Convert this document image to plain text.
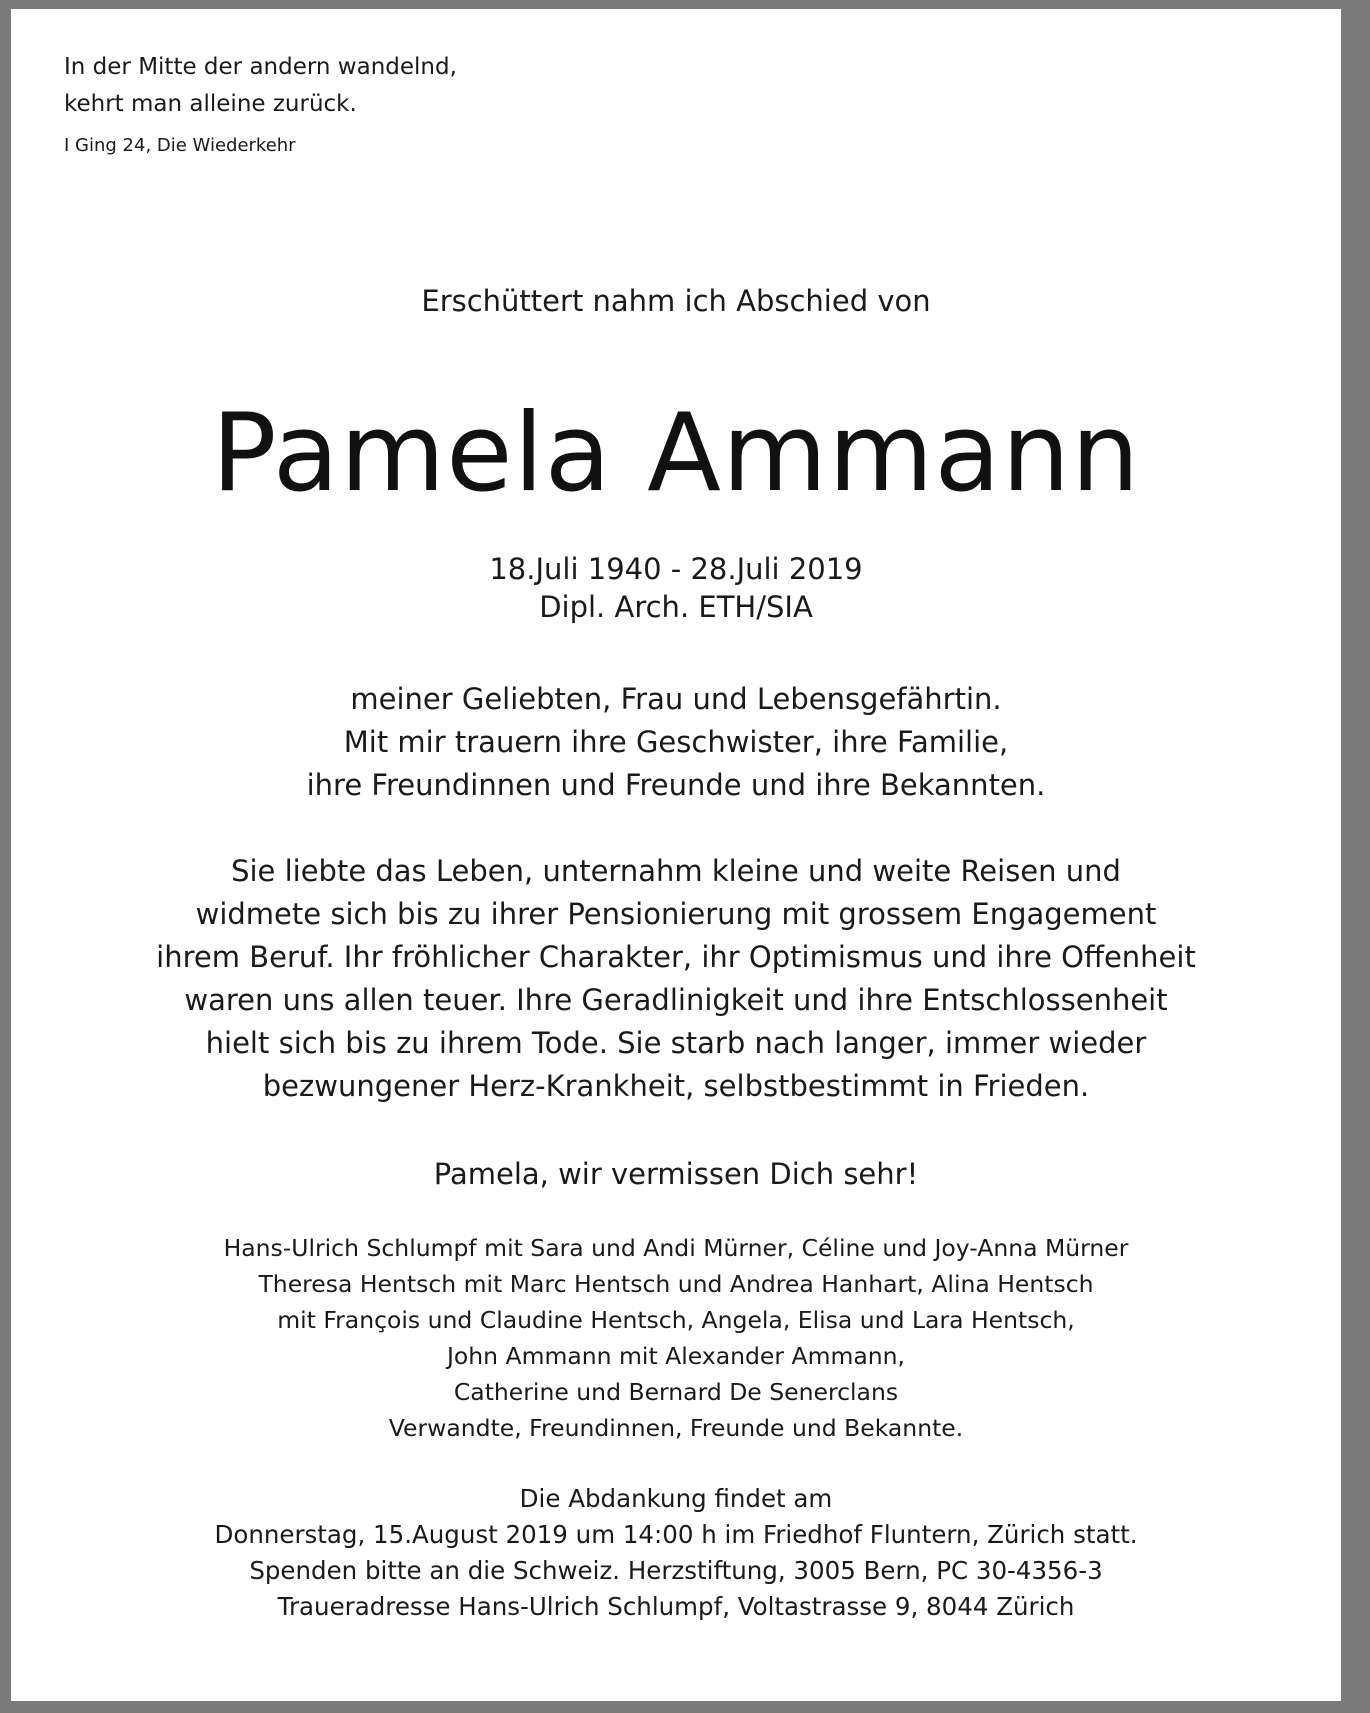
In der Mitte der andern wandelnd,
kehrt man alleine zurück.
I Ging 24, Die Wiederkehr
Erschüttert nahm ich Abschied von
Pamela Ammann
18.Juli 1940 - 28.Juli 2019
Dipl. Arch. ETH/SIA
meiner Geliebten, Frau und Lebensgefährtin.
Mit mir trauern ihre Geschwister, ihre Familie,
ihre Freundinnen und Freunde und ihre Bekannten.
Sie liebte das Leben, unternahm kleine und weite Reisen und
widmete sich bis zu ihrer Pensionierung mit grossem Engagement
ihrem Beruf. Ihr fröhlicher Charakter, ihr Optimismus und ihre Offenheit
waren uns allen teuer. Ihre Geradlinigkeit und ihre Entschlossenheit
hielt sich bis zu ihrem Tode. Sie starb nach langer, immer wieder
bezwungener Herz-Krankheit, selbstbestimmt in Frieden.
Pamela, wir vermissen Dich sehr!
Hans-Ulrich Schlumpf mit Sara und Andi Mürner, Céline und Joy-Anna Mürner
Theresa Hentsch mit Marc Hentsch und Andrea Hanhart, Alina Hentsch
mit François und Claudine Hentsch, Angela, Elisa und Lara Hentsch,
John Ammann mit Alexander Ammann,
Catherine und Bernard De Senerclans
Verwandte, Freundinnen, Freunde und Bekannte.
Die Abdankung findet am
Donnerstag, 15.August 2019 um 14:00 h im Friedhof Fluntern, Zürich statt.
Spenden bitte an die Schweiz. Herzstiftung, 3005 Bern, PC 30-4356-3
Traueradresse Hans-Ulrich Schlumpf, Voltastrasse 9, 8044 Zürich
